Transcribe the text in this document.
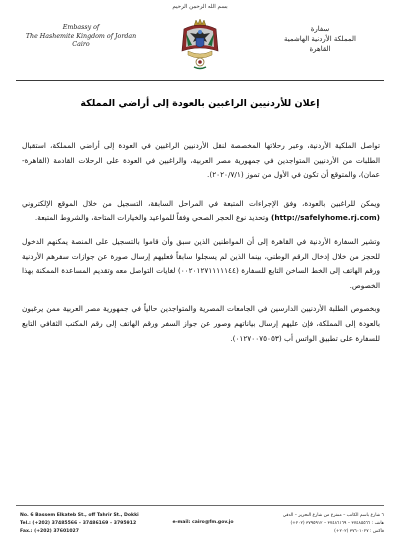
بسم الله الرحمن الرحيم
Embassy of
The Hashemite Kingdom of Jordan
Cairo
سفارة
المملكة الأردنية الهاشمية
القاهرة
إعلان للأردنيين الراغبين بالعودة إلى أراضي المملكة

تواصل الملكية الأردنية، وعبر رحلاتها المخصصة لنقل الأردنيين الراغبين في العودة إلى أراضي المملكة، استقبال الطلبات من الأردنيين المتواجدين في جمهورية مصر العربية، والراغبين في العودة على الرحلات القادمة (القاهرة-عمان)، والمتوقع أن تكون في الأول من تموز (٢٠٢٠/٧/١).

ويمكن للراغبين بالعودة، وفق الإجراءات المتبعة في المراحل السابقة، التسجيل من خلال الموقع الإلكتروني (http://safelyhome.rj.com) وتحديد نوع الحجر الصحي وفقاً للمواعيد والخيارات المتاحة، والشروط المتبعة.

وتشير السفارة الأردنية في القاهرة إلى أن المواطنين الذين سبق وأن قاموا بالتسجيل على المنصة يمكنهم الدخول للحجز من خلال إدخال الرقم الوطني، بينما الذين لم يسجلوا سابقاً فعليهم إرسال صورة عن جوازات سفرهم الأردنية ورقم الهاتف إلى الخط الساخن التابع للسفارة (٠٠٢٠١٢٧١١١١١٤٤) لغايات التواصل معه وتقديم المساعدة الممكنة بهذا الخصوص.

وبخصوص الطلبة الأردنيين الدارسين في الجامعات المصرية والمتواجدين حالياً في جمهورية مصر العربية ممن يرغبون بالعودة إلى المملكة، فإن عليهم إرسال بياناتهم وصور عن جواز السفر ورقم الهاتف إلى رقم المكتب الثقافي التابع للسفارة على تطبيق الواتس أب (٠١٢٧٠٠٧٥٠٥٣).

No. 6 Bassem Elkateb St., off Tahrir St., Dokki
Tel.: (+202) 37485566 – 37486169 – 3795912
Fax.: (+202) 37601027
e-mail: cairo@fm.gov.jo
٦ شارع باسم الكاتب – متفرع من شارع التحرير – الدقي
هاتف : ٣٧٤٨٥٥٦٦ – ٣٧٤٨٦١٦٩ – ٣٧٩٥٩١٢ (٢٠٢+)
فاكس : ٣٧٦٠١٠٢٧ (٢٠٢+)
